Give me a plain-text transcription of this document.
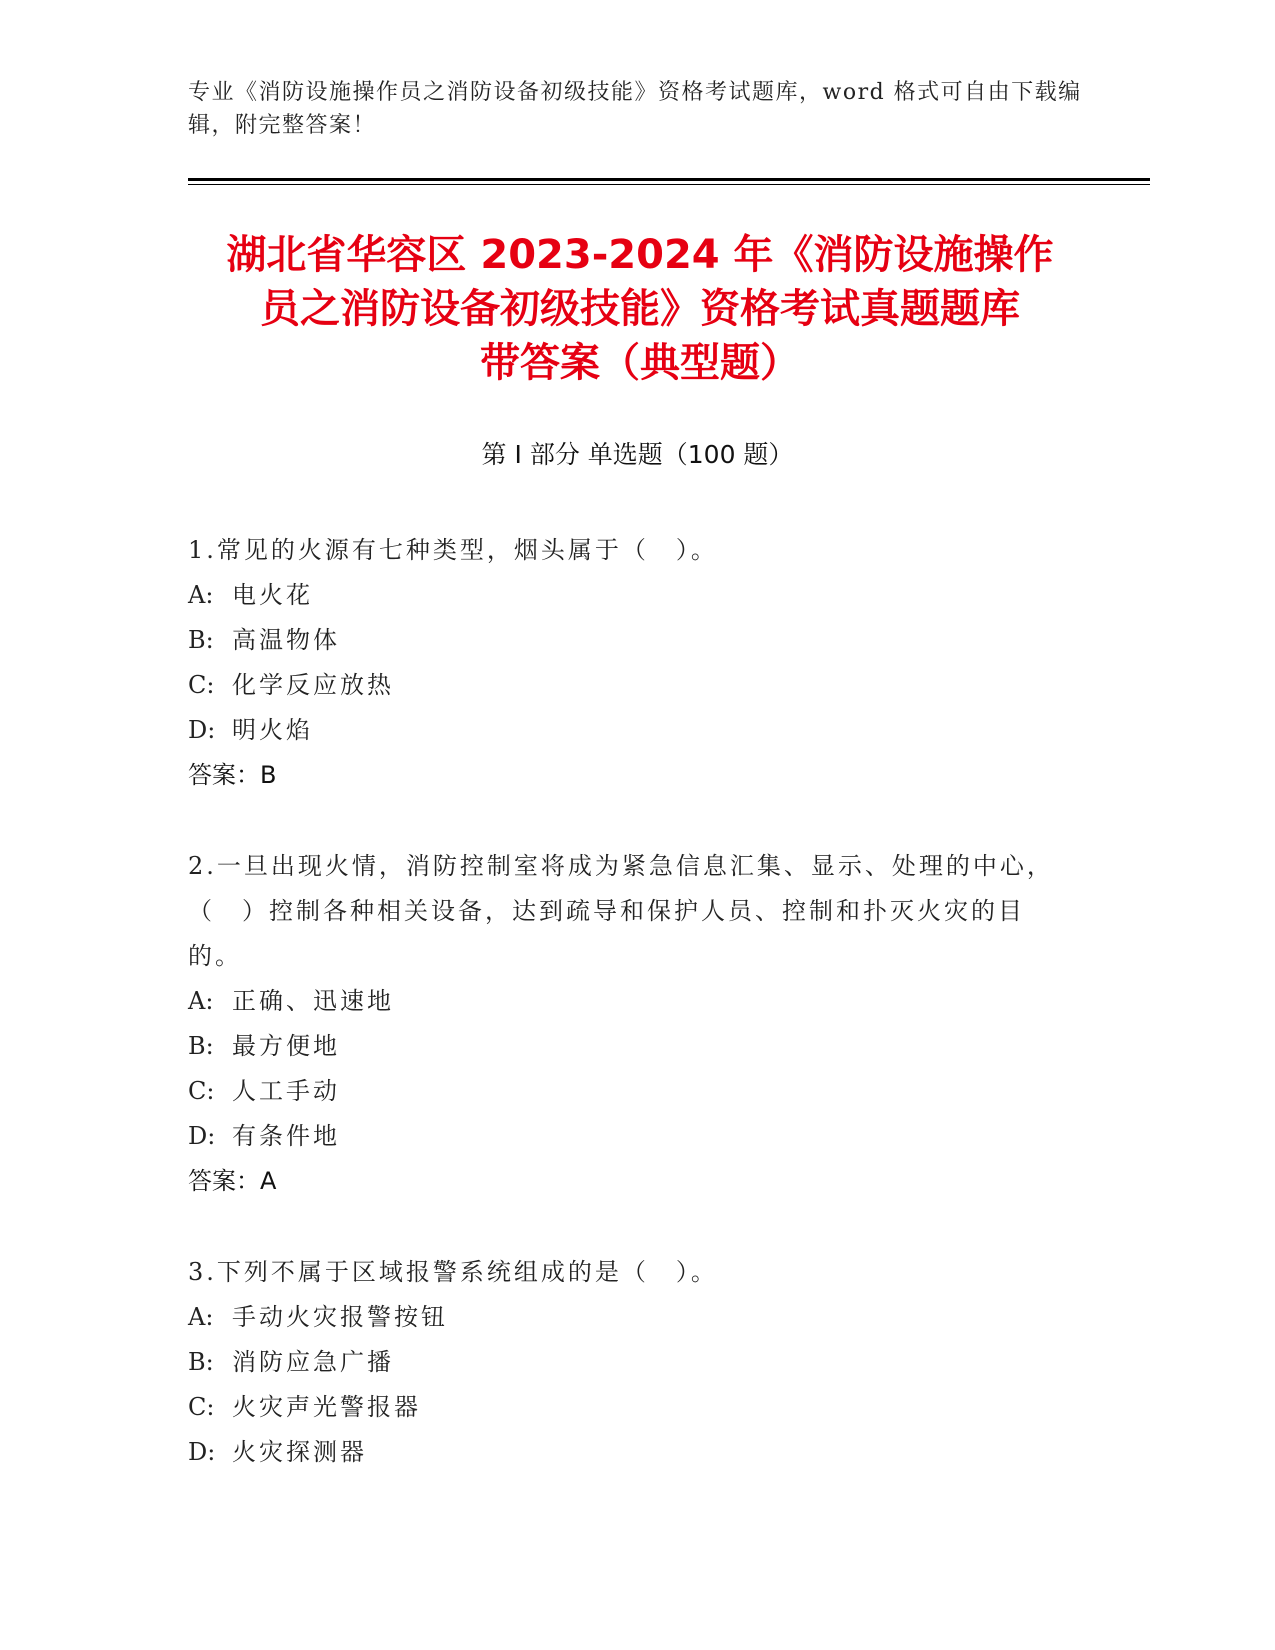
专业《消防设施操作员之消防设备初级技能》资格考试题库，word 格式可自由下载编辑，附完整答案！
湖北省华容区 2023-2024 年《消防设施操作
员之消防设备初级技能》资格考试真题题库
带答案（典型题）
第 I 部分 单选题（100 题）
1.常见的火源有七种类型，烟头属于（　）。
A: 电火花
B: 高温物体
C: 化学反应放热
D: 明火焰
答案：B
2.一旦出现火情，消防控制室将成为紧急信息汇集、显示、处理的中心，（　）控制各种相关设备，达到疏导和保护人员、控制和扑灭火灾的目的。
A: 正确、迅速地
B: 最方便地
C: 人工手动
D: 有条件地
答案：A
3.下列不属于区域报警系统组成的是（　）。
A: 手动火灾报警按钮
B: 消防应急广播
C: 火灾声光警报器
D: 火灾探测器
